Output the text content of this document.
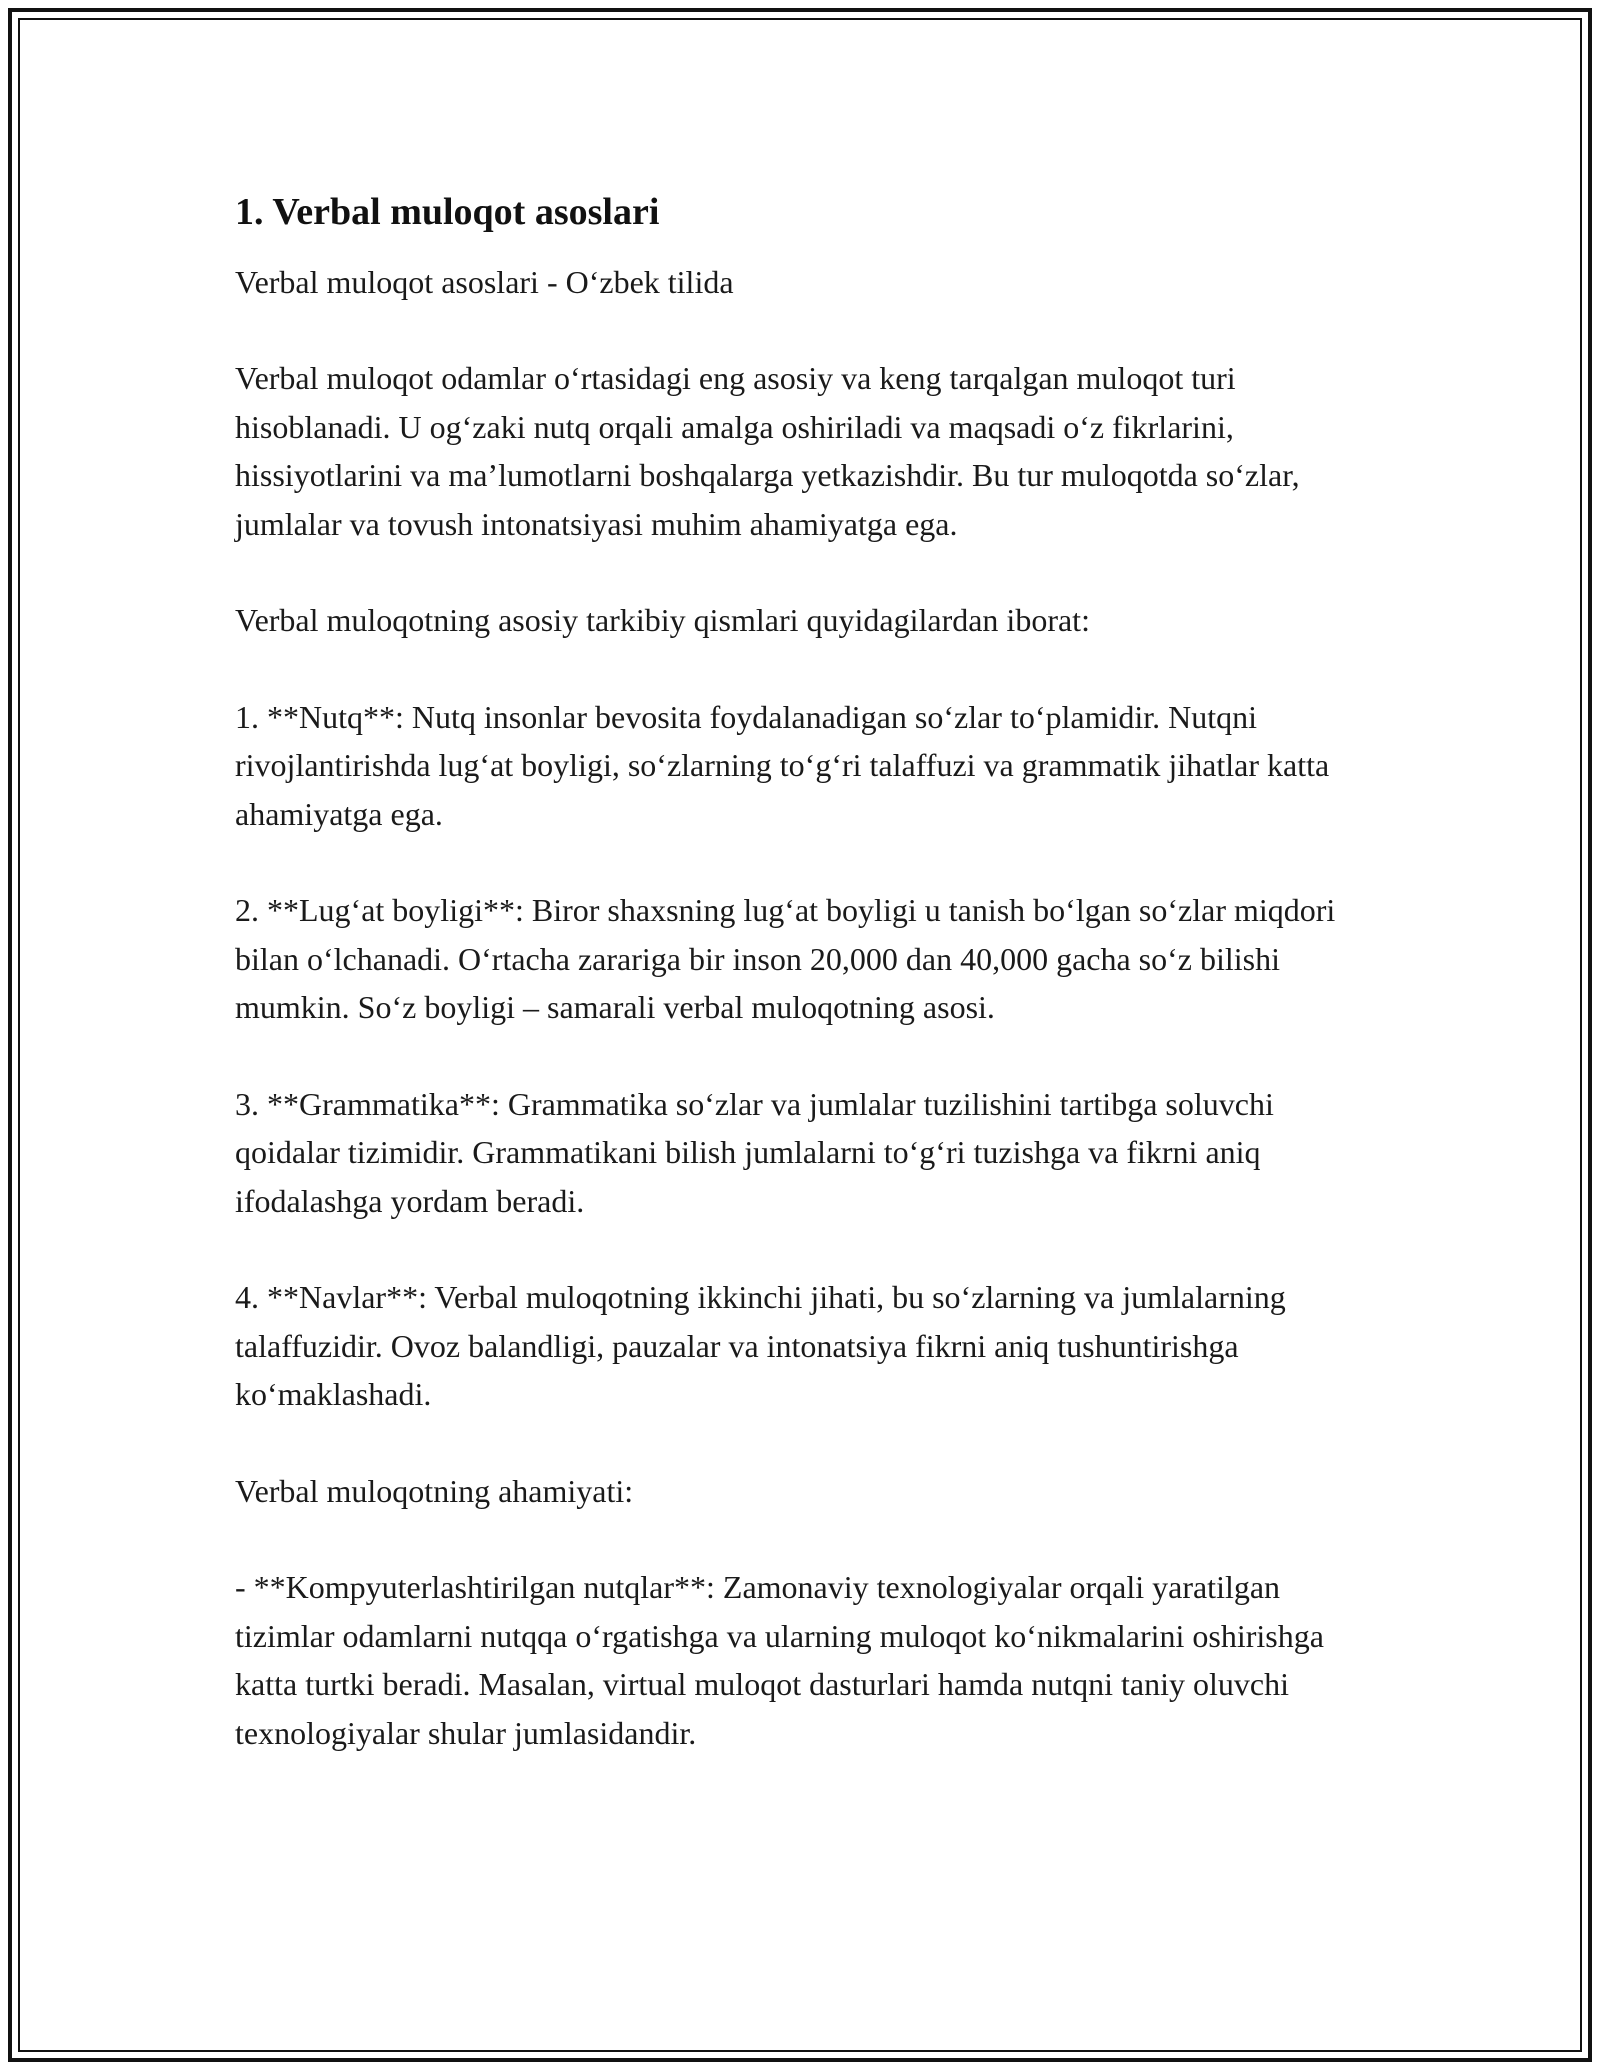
1. Verbal muloqot asoslari

Verbal muloqot asoslari - O‘zbek tilida

Verbal muloqot odamlar o‘rtasidagi eng asosiy va keng tarqalgan muloqot turi hisoblanadi. U og‘zaki nutq orqali amalga oshiriladi va maqsadi o‘z fikrlarini, hissiyotlarini va ma’lumotlarni boshqalarga yetkazishdir. Bu tur muloqotda so‘zlar, jumlalar va tovush intonatsiyasi muhim ahamiyatga ega.

Verbal muloqotning asosiy tarkibiy qismlari quyidagilardan iborat:

1. **Nutq**: Nutq insonlar bevosita foydalanadigan so‘zlar to‘plamidir. Nutqni rivojlantirishda lug‘at boyligi, so‘zlarning to‘g‘ri talaffuzi va grammatik jihatlar katta ahamiyatga ega.

2. **Lug‘at boyligi**: Biror shaxsning lug‘at boyligi u tanish bo‘lgan so‘zlar miqdori bilan o‘lchanadi. O‘rtacha zarariga bir inson 20,000 dan 40,000 gacha so‘z bilishi mumkin. So‘z boyligi – samarali verbal muloqotning asosi.

3. **Grammatika**: Grammatika so‘zlar va jumlalar tuzilishini tartibga soluvchi qoidalar tizimidir. Grammatikani bilish jumlalarni to‘g‘ri tuzishga va fikrni aniq ifodalashga yordam beradi.

4. **Navlar**: Verbal muloqotning ikkinchi jihati, bu so‘zlarning va jumlalarning talaffuzidir. Ovoz balandligi, pauzalar va intonatsiya fikrni aniq tushuntirishga ko‘maklashadi.

Verbal muloqotning ahamiyati:

- **Kompyuterlashtirilgan nutqlar**: Zamonaviy texnologiyalar orqali yaratilgan tizimlar odamlarni nutqqa o‘rgatishga va ularning muloqot ko‘nikmalarini oshirishga katta turtki beradi. Masalan, virtual muloqot dasturlari hamda nutqni taniy oluvchi texnologiyalar shular jumlasidandir.
